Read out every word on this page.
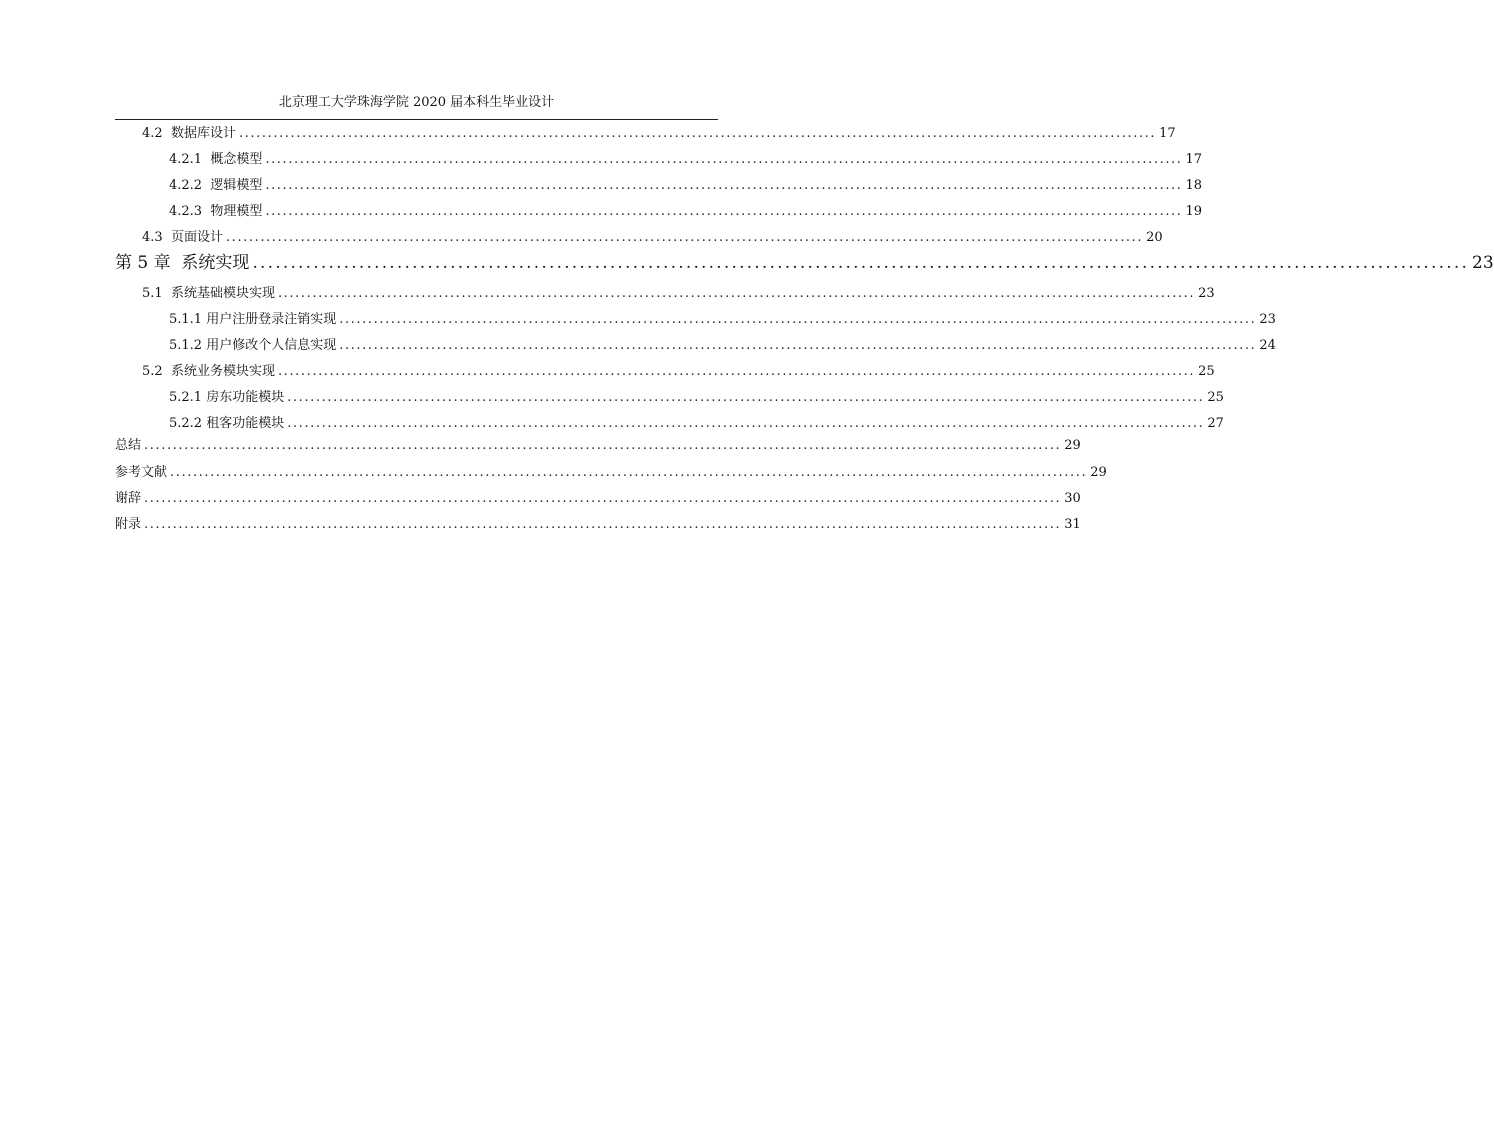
北京理工大学珠海学院 2020 届本科生毕业设计
4.2  数据库设计 ................................................................................................................................................................ 17
4.2.1  概念模型 ................................................................................................................................................................ 17
4.2.2  逻辑模型 ................................................................................................................................................................ 18
4.2.3  物理模型 ................................................................................................................................................................ 19
4.3  页面设计 ................................................................................................................................................................ 20
第 5 章  系统实现 ................................................................................................................................................................ 23
5.1  系统基础模块实现 ................................................................................................................................................................ 23
5.1.1 用户注册登录注销实现 ................................................................................................................................................................ 23
5.1.2 用户修改个人信息实现 ................................................................................................................................................................ 24
5.2  系统业务模块实现 ................................................................................................................................................................ 25
5.2.1 房东功能模块 ................................................................................................................................................................ 25
5.2.2 租客功能模块 ................................................................................................................................................................ 27
总结 ................................................................................................................................................................ 29
参考文献 ................................................................................................................................................................ 29
谢辞 ................................................................................................................................................................ 30
附录 ................................................................................................................................................................ 31
